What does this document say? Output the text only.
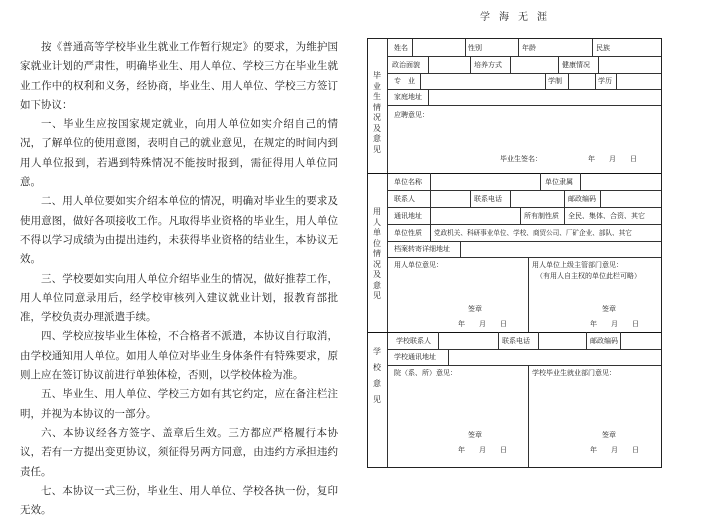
学海无涯

按《普通高等学校毕业生就业工作暂行规定》的要求，为维护国家就业计划的严肃性，明确毕业生、用人单位、学校三方在毕业生就业工作中的权利和义务，经协商，毕业生、用人单位、学校三方签订如下协议：

一、毕业生应按国家规定就业，向用人单位如实介绍自己的情况，了解单位的使用意图，表明自己的就业意见，在规定的时间内到用人单位报到，若遇到特殊情况不能按时报到，需征得用人单位同意。

二、用人单位要如实介绍本单位的情况，明确对毕业生的要求及使用意图，做好各项接收工作。凡取得毕业资格的毕业生，用人单位不得以学习成绩为由提出违约，未获得毕业资格的结业生，本协议无效。

三、学校要如实向用人单位介绍毕业生的情况，做好推荐工作，用人单位同意录用后，经学校审核列入建议就业计划，报教育部批准，学校负责办理派遣手续。

四、学校应按毕业生体检，不合格者不派遣，本协议自行取消，由学校通知用人单位。如用人单位对毕业生身体条件有特殊要求，原则上应在签订协议前进行单独体检，否则，以学校体检为准。

五、毕业生、用人单位、学校三方如有其它约定，应在备注栏注明，并视为本协议的一部分。

六、本协议经各方签字、盖章后生效。三方都应严格履行本协议，若有一方提出变更协议，须征得另两方同意，由违约方承担违约责任。

七、本协议一式三份，毕业生、用人单位、学校各执一份，复印无效。

毕业生情况及意见
用人单位情况及意见
学校意见
姓名	性别	年龄	民族
政治面貌	培养方式	健康情况
专　业	学制	学历
家庭地址
应聘意见：
毕业生签名：	年　　月　　日
单位名称	单位隶属
联系人	联系电话	邮政编码
通讯地址	所有制性质 全民、集体、合资、其它
单位性质 党政机关、科研事业单位、学校、商贸公司、厂矿企业、部队、其它
档案转寄详细地址
用人单位意见：	用人单位上级主管部门意见：
（有用人自主权的单位此栏可略）
签章
年　　月　　日
签章
年　　月　　日
学校联系人	联系电话	邮政编码
学校通讯地址
院（系、所）意见：	学校毕业生就业部门意见：
签章
年　　月　　日
签章
年　　月　　日
